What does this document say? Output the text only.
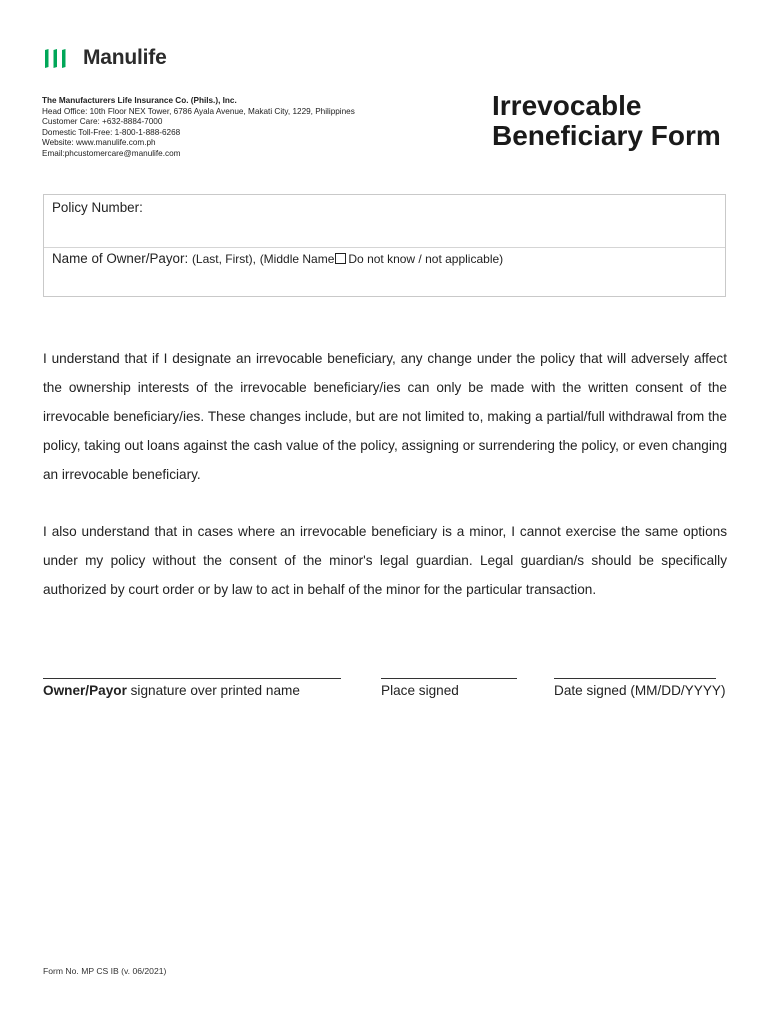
Manulife
The Manufacturers Life Insurance Co. (Phils.), Inc.
Head Office: 10th Floor NEX Tower, 6786 Ayala Avenue, Makati City, 1229, Philippines
Customer Care: +632-8884-7000
Domestic Toll-Free: 1-800-1-888-6268
Website: www.manulife.com.ph
Email:phcustomercare@manulife.com
Irrevocable
Beneficiary Form
Policy Number:
Name of Owner/Payor: (Last, First), (Middle Name Do not know / not applicable)
I understand that if I designate an irrevocable beneficiary, any change under the policy that will adversely affect the ownership interests of the irrevocable beneficiary/ies can only be made with the written consent of the irrevocable beneficiary/ies. These changes include, but are not limited to, making a partial/full withdrawal from the policy, taking out loans against the cash value of the policy, assigning or surrendering the policy, or even changing an irrevocable beneficiary.
I also understand that in cases where an irrevocable beneficiary is a minor, I cannot exercise the same options under my policy without the consent of the minor's legal guardian. Legal guardian/s should be specifically authorized by court order or by law to act in behalf of the minor for the particular transaction.
Owner/Payor signature over printed name	Place signed	Date signed (MM/DD/YYYY)
Form No. MP CS IB (v. 06/2021)
